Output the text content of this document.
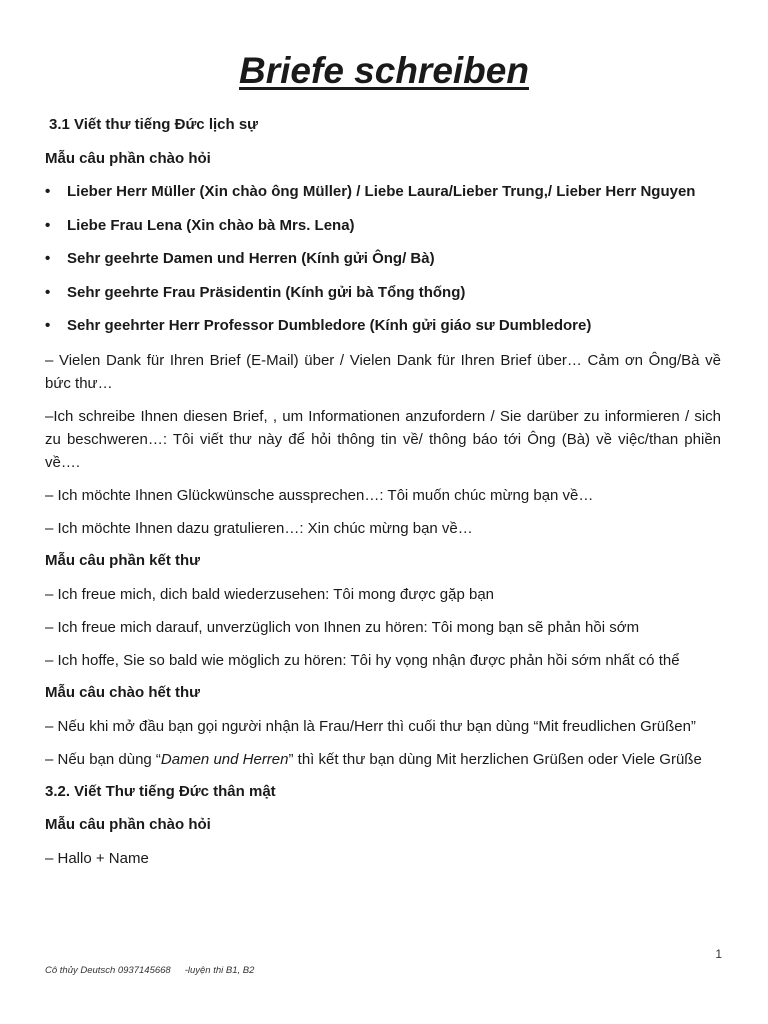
Briefe schreiben

3.1 Viết thư tiếng Đức lịch sự

Mẫu câu phần chào hỏi

• Lieber Herr Müller (Xin chào ông Müller) / Liebe Laura/Lieber Trung,/ Lieber Herr Nguyen
• Liebe Frau Lena (Xin chào bà Mrs. Lena)
• Sehr geehrte Damen und Herren (Kính gửi Ông/ Bà)
• Sehr geehrte Frau Präsidentin (Kính gửi bà Tổng thống)
• Sehr geehrter Herr Professor Dumbledore (Kính gửi giáo sư Dumbledore)

– Vielen Dank für Ihren Brief (E-Mail) über / Vielen Dank für Ihren Brief über… Cảm ơn Ông/Bà về bức thư…

–Ich schreibe Ihnen diesen Brief, , um Informationen anzufordern / Sie darüber zu informieren / sich zu beschweren…: Tôi viết thư này để hỏi thông tin về/ thông báo tới Ông (Bà) về việc/than phiền về….

– Ich möchte Ihnen Glückwünsche aussprechen…: Tôi muốn chúc mừng bạn về…

– Ich möchte Ihnen dazu gratulieren…: Xin chúc mừng bạn về…

Mẫu câu phần kết thư

– Ich freue mich, dich bald wiederzusehen: Tôi mong được gặp bạn

– Ich freue mich darauf, unverzüglich von Ihnen zu hören: Tôi mong bạn sẽ phản hồi sớm

– Ich hoffe, Sie so bald wie möglich zu hören: Tôi hy vọng nhận được phản hồi sớm nhất có thể

Mẫu câu chào hết thư

– Nếu khi mở đầu bạn gọi người nhận là Frau/Herr thì cuối thư bạn dùng “Mit freudlichen Grüßen”

– Nếu bạn dùng “Damen und Herren” thì kết thư bạn dùng Mit herzlichen Grüßen oder Viele Grüße

3.2. Viết Thư tiếng Đức thân mật

Mẫu câu phần chào hỏi

– Hallo + Name

1
Cô thủy Deutsch 0937145668 -luyện thi B1, B2
